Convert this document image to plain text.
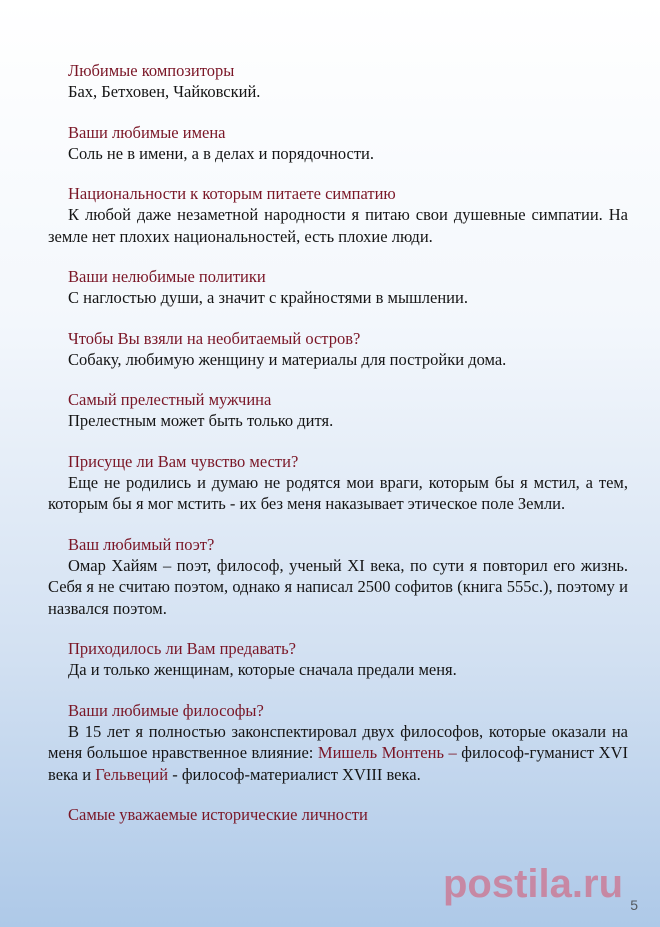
Любимые композиторы
Бах, Бетховен, Чайковский.
Ваши любимые имена
Соль не в имени, а в делах и порядочности.
Национальности к которым питаете симпатию
К любой даже незаметной народности я питаю свои душевные симпатии. На земле нет плохих национальностей, есть плохие люди.
Ваши нелюбимые политики
С наглостью души, а значит с крайностями в мышлении.
Чтобы Вы взяли на необитаемый остров?
Собаку, любимую женщину и материалы для постройки дома.
Самый прелестный мужчина
Прелестным может быть только дитя.
Присуще ли Вам чувство мести?
Еще не родились и думаю не родятся мои враги, которым бы я мстил, а тем, которым бы я мог мстить - их без меня наказывает этическое поле Земли.
Ваш любимый поэт?
Омар Хайям – поэт, философ, ученый XI века, по сути я повторил его жизнь. Себя я не считаю поэтом, однако я написал 2500 софитов (книга 555с.), поэтому и назвался поэтом.
Приходилось ли Вам предавать?
Да и только женщинам, которые сначала предали меня.
Ваши любимые философы?
В 15 лет я полностью законспектировал двух философов, которые оказали на меня большое нравственное влияние: Мишель Монтень – философ-гуманист XVI века и Гельвеций - философ-материалист XVIII века.
Самые уважаемые исторические личности
postila.ru 5
